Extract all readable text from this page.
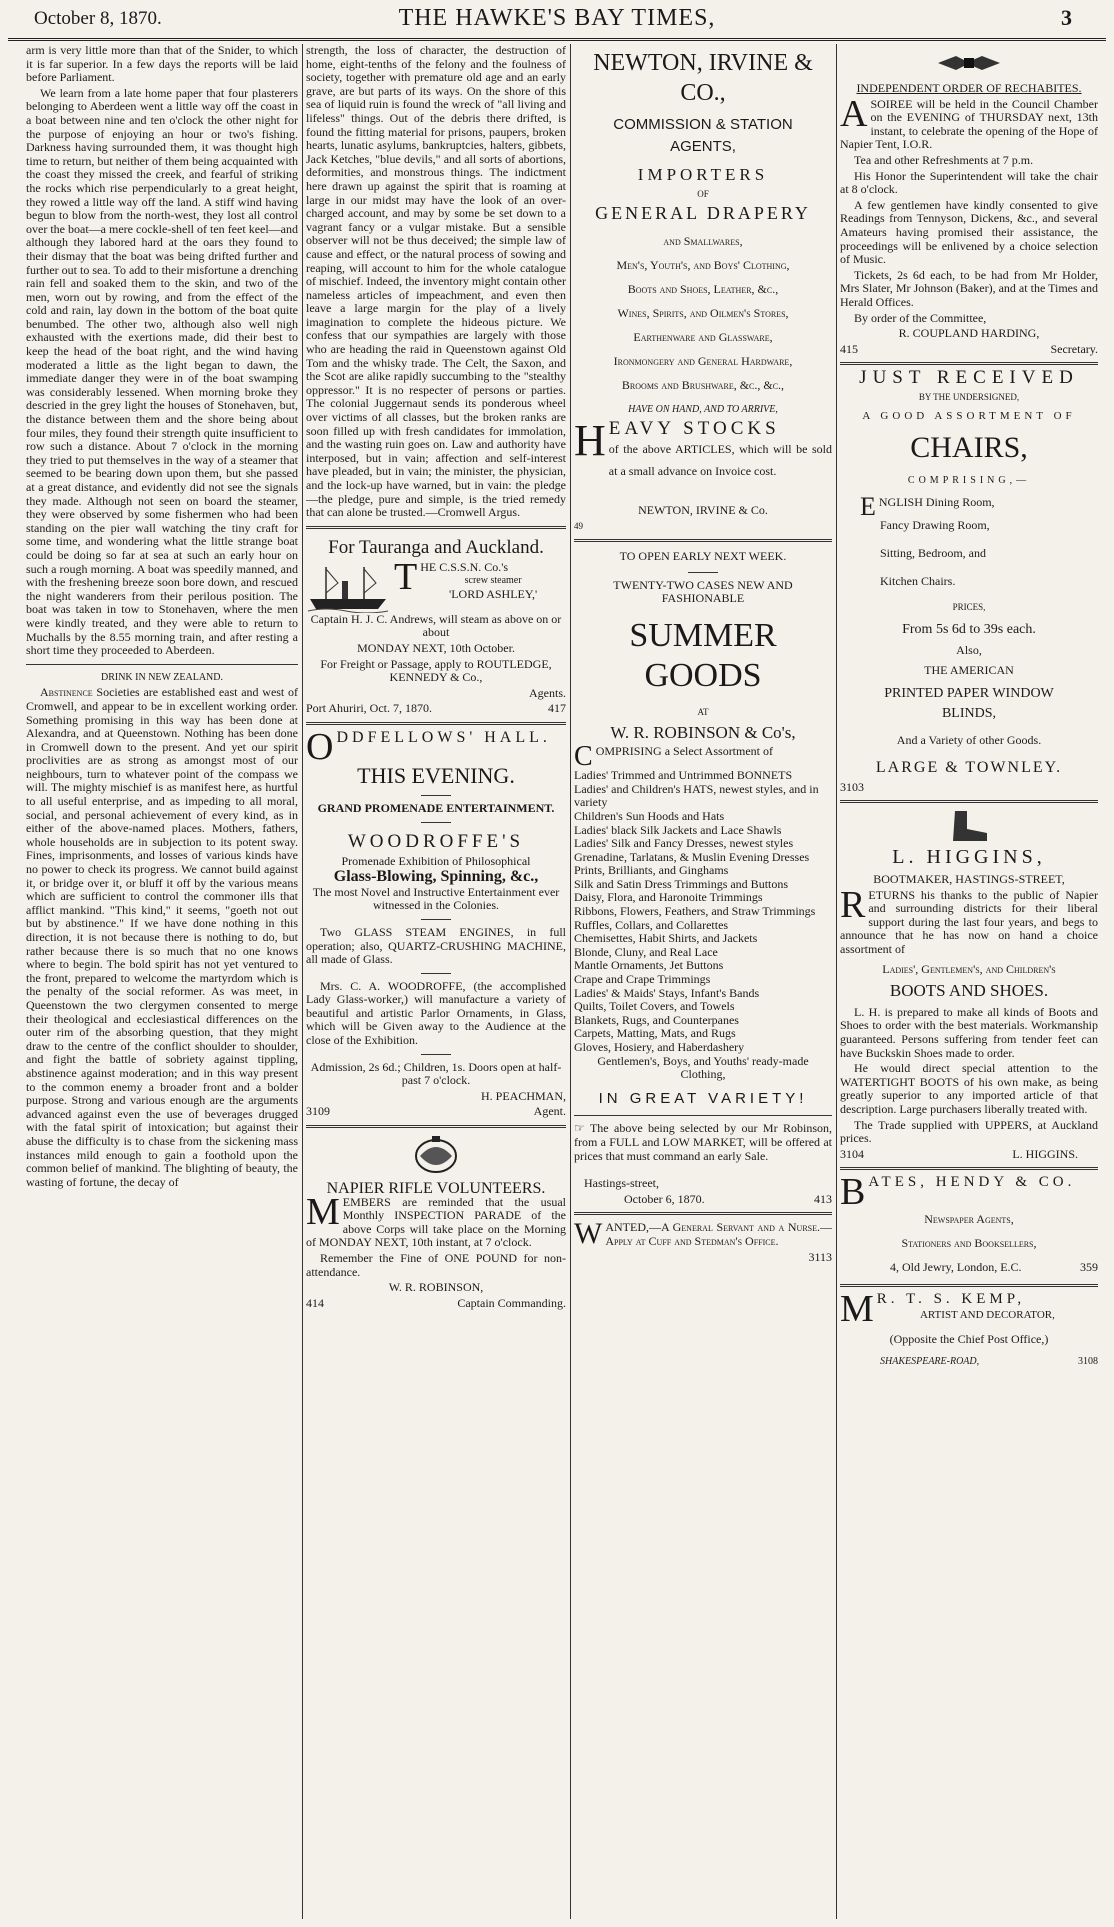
October 8, 1870.	THE HAWKE'S BAY TIMES,	3

arm is very little more than that of the Snider, to which it is far superior. In a few days the reports will be laid before Parliament.

We learn from a late home paper that four plasterers belonging to Aberdeen went a little way off the coast in a boat between nine and ten o'clock the other night for the purpose of enjoying an hour or two's fishing. Darkness having surrounded them, it was thought high time to return, but neither of them being acquainted with the coast they missed the creek, and fearful of striking the rocks which rise perpendicularly to a great height, they rowed a little way off the land. A stiff wind having begun to blow from the north-west, they lost all control over the boat—a mere cockle-shell of ten feet keel—and although they labored hard at the oars they found to their dismay that the boat was being drifted further and further out to sea. To add to their misfortune a drenching rain fell and soaked them to the skin, and two of the men, worn out by rowing, and from the effect of the cold and rain, lay down in the bottom of the boat quite benumbed. The other two, although also well nigh exhausted with the exertions made, did their best to keep the head of the boat right, and the wind having moderated a little as the light began to dawn, the immediate danger they were in of the boat swamping was considerably lessened. When morning broke they descried in the grey light the houses of Stonehaven, but, the distance between them and the shore being about four miles, they found their strength quite insufficient to row such a distance. About 7 o'clock in the morning they tried to put themselves in the way of a steamer that seemed to be bearing down upon them, but she passed at a great distance, and evidently did not see the signals they made. Although not seen on board the steamer, they were observed by some fishermen who had been standing on the pier wall watching the tiny craft for some time, and wondering what the little strange boat could be doing so far at sea at such an early hour on such a rough morning. A boat was speedily manned, and with the freshening breeze soon bore down, and rescued the night wanderers from their perilous position. The boat was taken in tow to Stonehaven, where the men were kindly treated, and they were able to return to Muchalls by the 8.55 morning train, and after resting a short time they proceeded to Aberdeen.

DRINK IN NEW ZEALAND.

Abstinence Societies are established east and west of Cromwell, and appear to be in excellent working order. Something promising in this way has been done at Alexandra, and at Queenstown. Nothing has been done in Cromwell down to the present. And yet our spirit proclivities are as strong as amongst most of our neighbours, turn to whatever point of the compass we will. The mighty mischief is as manifest here, as hurtful to all useful enterprise, and as impeding to all moral, social, and personal achievement of every kind, as in either of the above-named places. Mothers, fathers, whole households are in subjection to its potent sway. Fines, imprisonments, and losses of various kinds have no power to check its progress. We cannot build against it, or bridge over it, or bluff it off by the various means which are sufficient to control the commoner ills that afflict mankind. "This kind," it seems, "goeth not out but by abstinence." If we have done nothing in this direction, it is not because there is nothing to do, but rather because there is so much that no one knows where to begin. The bold spirit has not yet ventured to the front, prepared to welcome the martyrdom which is the penalty of the social reformer. As was meet, in Queenstown the two clergymen consented to merge their theological and ecclesiastical differences on the outer rim of the absorbing question, that they might draw to the centre of the conflict shoulder to shoulder, and fight the battle of sobriety against tippling, abstinence against moderation; and in this way present to the common enemy a broader front and a bolder purpose. Strong and various enough are the arguments advanced against even the use of beverages drugged with the fatal spirit of intoxication; but against their abuse the difficulty is to chase from the sickening mass instances mild enough to gain a foothold upon the common belief of mankind. The blighting of beauty, the wasting of fortune, the decay of

strength, the loss of character, the destruction of home, eight-tenths of the felony and the foulness of society, together with premature old age and an early grave, are but parts of its ways. On the shore of this sea of liquid ruin is found the wreck of "all living and lifeless" things. Out of the debris there drifted, is found the fitting material for prisons, paupers, broken hearts, lunatic asylums, bankruptcies, halters, gibbets, Jack Ketches, "blue devils," and all sorts of abortions, deformities, and monstrous things. The indictment here drawn up against the spirit that is roaming at large in our midst may have the look of an over-charged account, and may by some be set down to a vagrant fancy or a vulgar mistake. But a sensible observer will not be thus deceived; the simple law of cause and effect, or the natural process of sowing and reaping, will account to him for the whole catalogue of mischief. Indeed, the inventory might contain other nameless articles of impeachment, and even then leave a large margin for the play of a lively imagination to complete the hideous picture. We confess that our sympathies are largely with those who are heading the raid in Queenstown against Old Tom and the whisky trade. The Celt, the Saxon, and the Scot are alike rapidly succumbing to the "stealthy oppressor." It is no respecter of persons or parties. The colonial Juggernaut sends its ponderous wheel over victims of all classes, but the broken ranks are soon filled up with fresh candidates for immolation, and the wasting ruin goes on. Law and authority have interposed, but in vain; affection and self-interest have pleaded, but in vain; the minister, the physician, and the lock-up have warned, but in vain: the pledge—the pledge, pure and simple, is the tried remedy that can alone be trusted.—Cromwell Argus.

For Tauranga and Auckland.
THE C.S.S.N. Co.'s
screw steamer
'LORD ASHLEY,'

Captain H. J. C. Andrews, will steam as above on or about

MONDAY NEXT, 10th October.

For Freight or Passage, apply to ROUTLEDGE, KENNEDY & Co.,

Agents.

Port Ahuriri, Oct. 7, 1870.	417
ODDFELLOWS' HALL.
THIS EVENING.

GRAND PROMENADE ENTERTAINMENT.

WOODROFFE'S

Promenade Exhibition of Philosophical

Glass-Blowing, Spinning, &c.,

The most Novel and Instructive Entertainment ever witnessed in the Colonies.

Two GLASS STEAM ENGINES, in full operation; also, QUARTZ-CRUSHING MACHINE, all made of Glass.

Mrs. C. A. WOODROFFE, (the accomplished Lady Glass-worker,) will manufacture a variety of beautiful and artistic Parlor Ornaments, in Glass, which will be Given away to the Audience at the close of the Exhibition.

Admission, 2s 6d.; Children, 1s. Doors open at half-past 7 o'clock.

H. PEACHMAN,

3109	Agent.
NAPIER RIFLE VOLUNTEERS.

MEMBERS are reminded that the usual Monthly INSPECTION PARADE of the above Corps will take place on the Morning of MONDAY NEXT, 10th instant, at 7 o'clock.

Remember the Fine of ONE POUND for non-attendance.

W. R. ROBINSON,

414	Captain Commanding.
NEWTON, IRVINE & CO.,
COMMISSION & STATION AGENTS,
IMPORTERS
OF
GENERAL DRAPERY
and Smallwares,
Men's, Youth's, and Boys' Clothing,
Boots and Shoes, Leather, &c.,
Wines, Spirits, and Oilmen's Stores,
Earthenware and Glassware,
Ironmongery and General Hardware,
Brooms and Brushware, &c., &c.,

HAVE ON HAND, AND TO ARRIVE,

HEAVY STOCKS

of the above ARTICLES, which will be sold at a small advance on Invoice cost.

NEWTON, IRVINE & Co.

49

TO OPEN EARLY NEXT WEEK.

TWENTY-TWO CASES NEW AND FASHIONABLE

SUMMER GOODS
AT
W. R. ROBINSON & Co's,

COMPRISING a Select Assortment of

Ladies' Trimmed and Untrimmed BONNETS
Ladies' and Children's HATS, newest styles, and in variety
Children's Sun Hoods and Hats
Ladies' black Silk Jackets and Lace Shawls
Ladies' Silk and Fancy Dresses, newest styles
Grenadine, Tarlatans, & Muslin Evening Dresses
Prints, Brilliants, and Ginghams
Silk and Satin Dress Trimmings and Buttons
Daisy, Flora, and Haronoite Trimmings
Ribbons, Flowers, Feathers, and Straw Trimmings
Ruffles, Collars, and Collarettes
Chemisettes, Habit Shirts, and Jackets
Blonde, Cluny, and Real Lace
Mantle Ornaments, Jet Buttons
Crape and Crape Trimmings
Ladies' & Maids' Stays, Infant's Bands
Quilts, Toilet Covers, and Towels
Blankets, Rugs, and Counterpanes
Carpets, Matting, Mats, and Rugs
Gloves, Hosiery, and Haberdashery
Gentlemen's, Boys, and Youths' ready-made Clothing,
IN GREAT VARIETY!

☞ The above being selected by our Mr Robinson, from a FULL and LOW MARKET, will be offered at prices that must command an early Sale.

Hastings-street,

October 6, 1870.	413

WANTED,—A General Servant and a Nurse.—Apply at Cuff and Stedman's Office.

3113

INDEPENDENT ORDER OF RECHABITES.

ASOIREE will be held in the Council Chamber on the EVENING of THURSDAY next, 13th instant, to celebrate the opening of the Hope of Napier Tent, I.O.R.

Tea and other Refreshments at 7 p.m.

His Honor the Superintendent will take the chair at 8 o'clock.

A few gentlemen have kindly consented to give Readings from Tennyson, Dickens, &c., and several Amateurs having promised their assistance, the proceedings will be enlivened by a choice selection of Music.

Tickets, 2s 6d each, to be had from Mr Holder, Mrs Slater, Mr Johnson (Baker), and at the Times and Herald Offices.

By order of the Committee,

R. COUPLAND HARDING,

415	Secretary.
JUST RECEIVED

BY THE UNDERSIGNED,

A GOOD ASSORTMENT OF

CHAIRS,

COMPRISING,—

ENGLISH Dining Room,

Fancy Drawing Room,
Sitting, Bedroom, and
Kitchen Chairs.

PRICES,

From 5s 6d to 39s each.

Also,

THE AMERICAN

PRINTED PAPER WINDOW BLINDS,

And a Variety of other Goods.

LARGE & TOWNLEY.

3103

L. HIGGINS,

BOOTMAKER, HASTINGS-STREET,

RETURNS his thanks to the public of Napier and surrounding districts for their liberal support during the last four years, and begs to announce that he has now on hand a choice assortment of

Ladies', Gentlemen's, and Children's

BOOTS AND SHOES.

L. H. is prepared to make all kinds of Boots and Shoes to order with the best materials. Workmanship guaranteed. Persons suffering from tender feet can have Buckskin Shoes made to order.

He would direct special attention to the WATERTIGHT BOOTS of his own make, as being greatly superior to any imported article of that description. Large purchasers liberally treated with.

The Trade supplied with UPPERS, at Auckland prices.

3104	L. HIGGINS.

BATES, HENDY & CO.

Newspaper Agents,

Stationers and Booksellers,

4, Old Jewry, London, E.C.	359

M R. T. S. KEMP,

ARTIST AND DECORATOR,

(Opposite the Chief Post Office,)

SHAKESPEARE-ROAD,	3108
